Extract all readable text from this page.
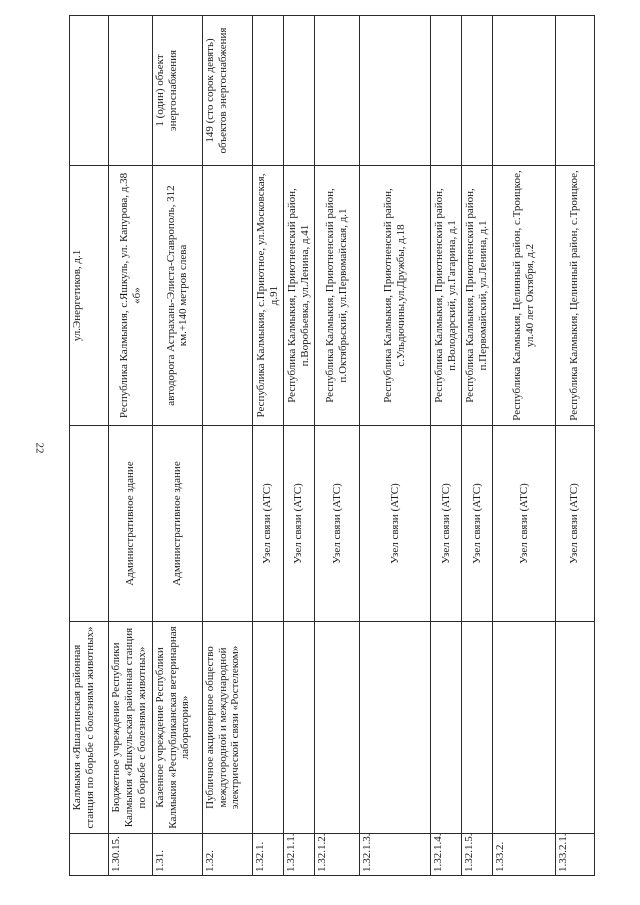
22
	Калмыкия «Яшалтинская районная станция по борьбе с болезнями животных»		ул.Энергетиков, д.1	
1.30.15.	Бюджетное учреждение Республики Калмыкия «Яшкульская районная станция по борьбе с болезнями животных»	Административное здание	Республика Калмыкия, с.Яшкуль, ул. Капурова, д.38 «б»	
1.31.	Казенное учреждение Республики Калмыкия «Республиканская ветеринарная лаборатория»	Административное здание	автодорога Астрахань-Элиста-Ставрополь, 312 км.+140 метров слева	1 (один) объект энергоснабжения
1.32.	Публичное акционерное общество междугородной и международной электрической связи «Ростелеком»			149 (сто сорок девять) объектов энергоснабжения
1.32.1.		Узел связи (АТС)	Республика Калмыкия, с.Приютное, ул.Московская, д.91	
1.32.1.1.		Узел связи (АТС)	Республика Калмыкия, Приютненский район, п.Воробьевка, ул.Ленина, д.41	
1.32.1.2.		Узел связи (АТС)	Республика Калмыкия, Приютненский район, п.Октябрьский, ул.Первомайская, д.1	
1.32.1.3.		Узел связи (АТС)	Республика Калмыкия, Приютненский район, с.Ульдючины,ул.Дружбы, д.18	
1.32.1.4.		Узел связи (АТС)	Республика Калмыкия, Приютненский район, п.Володарский, ул.Гагарина, д.1	
1.32.1.5.		Узел связи (АТС)	Республика Калмыкия, Приютненский район, п.Первомайский, ул.Ленина, д.1	
1.33.2.		Узел связи (АТС)	Республика Калмыкия, Целинный район, с.Троицкое, ул.40 лет Октября, д.2	
1.33.2.1.		Узел связи (АТС)	Республика Калмыкия, Целинный район, с.Троицкое,	
